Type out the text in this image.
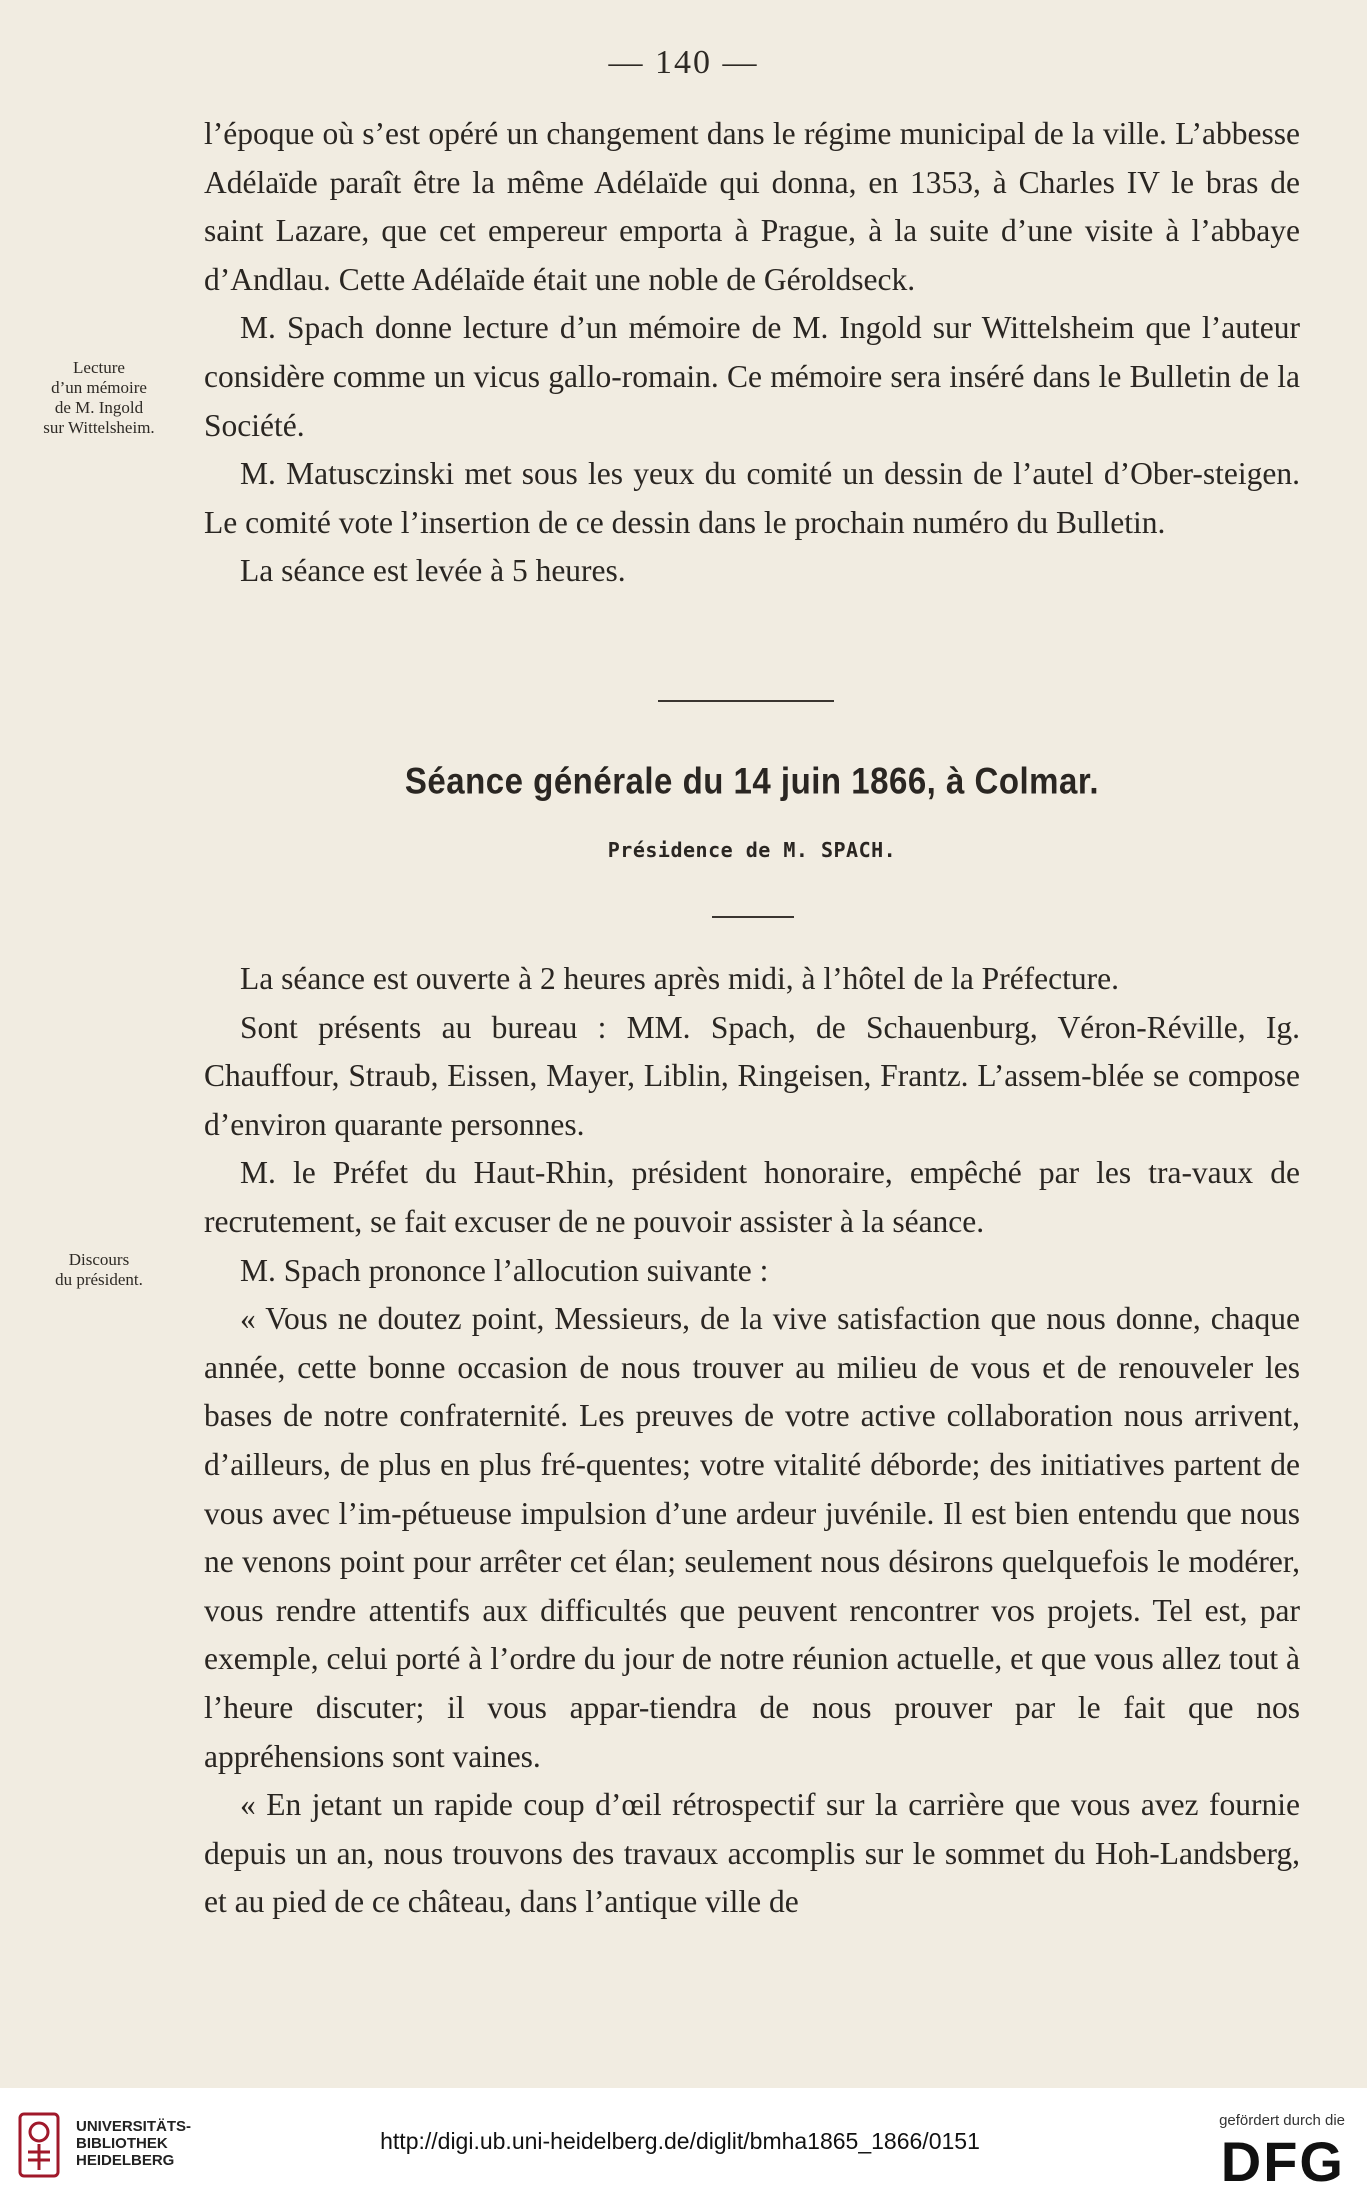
— 140 —

l’époque où s’est opéré un changement dans le régime municipal de la ville. L’abbesse Adélaïde paraît être la même Adélaïde qui donna, en 1353, à Charles IV le bras de saint Lazare, que cet empereur emporta à Prague, à la suite d’une visite à l’abbaye d’Andlau. Cette Adélaïde était une noble de Géroldseck.

M. Spach donne lecture d’un mémoire de M. Ingold sur Wittelsheim que l’auteur considère comme un vicus gallo-romain. Ce mémoire sera inséré dans le Bulletin de la Société.

M. Matusczinski met sous les yeux du comité un dessin de l’autel d’Ober-steigen. Le comité vote l’insertion de ce dessin dans le prochain numéro du Bulletin.

La séance est levée à 5 heures.

Lecture
d’un mémoire
de M. Ingold
sur Wittelsheim.
Séance générale du 14 juin 1866, à Colmar.
Présidence de M. SPACH.

La séance est ouverte à 2 heures après midi, à l’hôtel de la Préfecture.

Sont présents au bureau : MM. Spach, de Schauenburg, Véron-Réville, Ig. Chauffour, Straub, Eissen, Mayer, Liblin, Ringeisen, Frantz. L’assem-blée se compose d’environ quarante personnes.

M. le Préfet du Haut-Rhin, président honoraire, empêché par les tra-vaux de recrutement, se fait excuser de ne pouvoir assister à la séance.

M. Spach prononce l’allocution suivante :

« Vous ne doutez point, Messieurs, de la vive satisfaction que nous donne, chaque année, cette bonne occasion de nous trouver au milieu de vous et de renouveler les bases de notre confraternité. Les preuves de votre active collaboration nous arrivent, d’ailleurs, de plus en plus fré-quentes; votre vitalité déborde; des initiatives partent de vous avec l’im-pétueuse impulsion d’une ardeur juvénile. Il est bien entendu que nous ne venons point pour arrêter cet élan; seulement nous désirons quelquefois le modérer, vous rendre attentifs aux difficultés que peuvent rencontrer vos projets. Tel est, par exemple, celui porté à l’ordre du jour de notre réunion actuelle, et que vous allez tout à l’heure discuter; il vous appar-tiendra de nous prouver par le fait que nos appréhensions sont vaines.

« En jetant un rapide coup d’œil rétrospectif sur la carrière que vous avez fournie depuis un an, nous trouvons des travaux accomplis sur le sommet du Hoh-Landsberg, et au pied de ce château, dans l’antique ville de

Discours
du président.
UNIVERSITÄTS-
BIBLIOTHEK
HEIDELBERG
http://digi.ub.uni-heidelberg.de/diglit/bmha1865_1866/0151
gefördert durch die
DFG
